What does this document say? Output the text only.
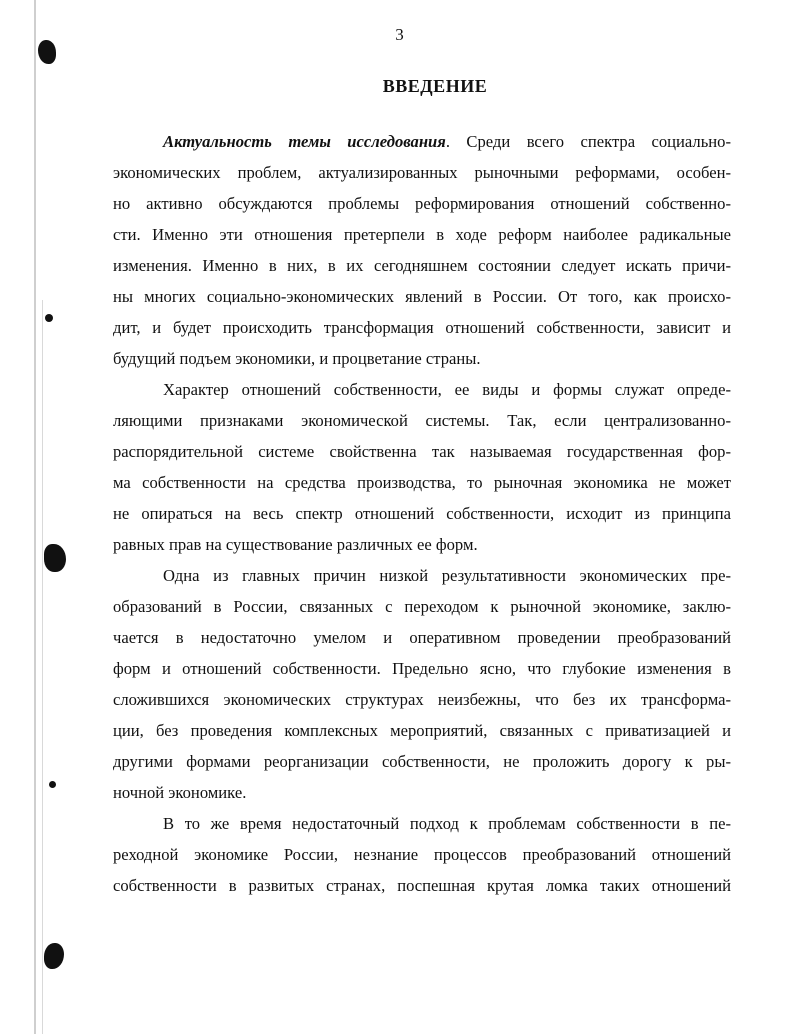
3
ВВЕДЕНИЕ
Актуальность темы исследования. Среди всего спектра социально-
экономических проблем, актуализированных рыночными реформами, особен-
но активно обсуждаются проблемы реформирования отношений собственно-
сти. Именно эти отношения претерпели в ходе реформ наиболее радикальные
изменения. Именно в них, в их сегодняшнем состоянии следует искать причи-
ны многих социально-экономических явлений в России. От того, как происхо-
дит, и будет происходить трансформация отношений собственности, зависит и
будущий подъем экономики, и процветание страны.
Характер отношений собственности, ее виды и формы служат опреде-
ляющими признаками экономической системы. Так, если централизованно-
распорядительной системе свойственна так называемая государственная фор-
ма собственности на средства производства, то рыночная экономика не может
не опираться на весь спектр отношений собственности, исходит из принципа
равных прав на существование различных ее форм.
Одна из главных причин низкой результативности экономических пре-
образований в России, связанных с переходом к рыночной экономике, заклю-
чается в недостаточно умелом и оперативном проведении преобразований
форм и отношений собственности. Предельно ясно, что глубокие изменения в
сложившихся экономических структурах неизбежны, что без их трансформа-
ции, без проведения комплексных мероприятий, связанных с приватизацией и
другими формами реорганизации собственности, не проложить дорогу к ры-
ночной экономике.
В то же время недостаточный подход к проблемам собственности в пе-
реходной экономике России, незнание процессов преобразований отношений
собственности в развитых странах, поспешная крутая ломка таких отношений
